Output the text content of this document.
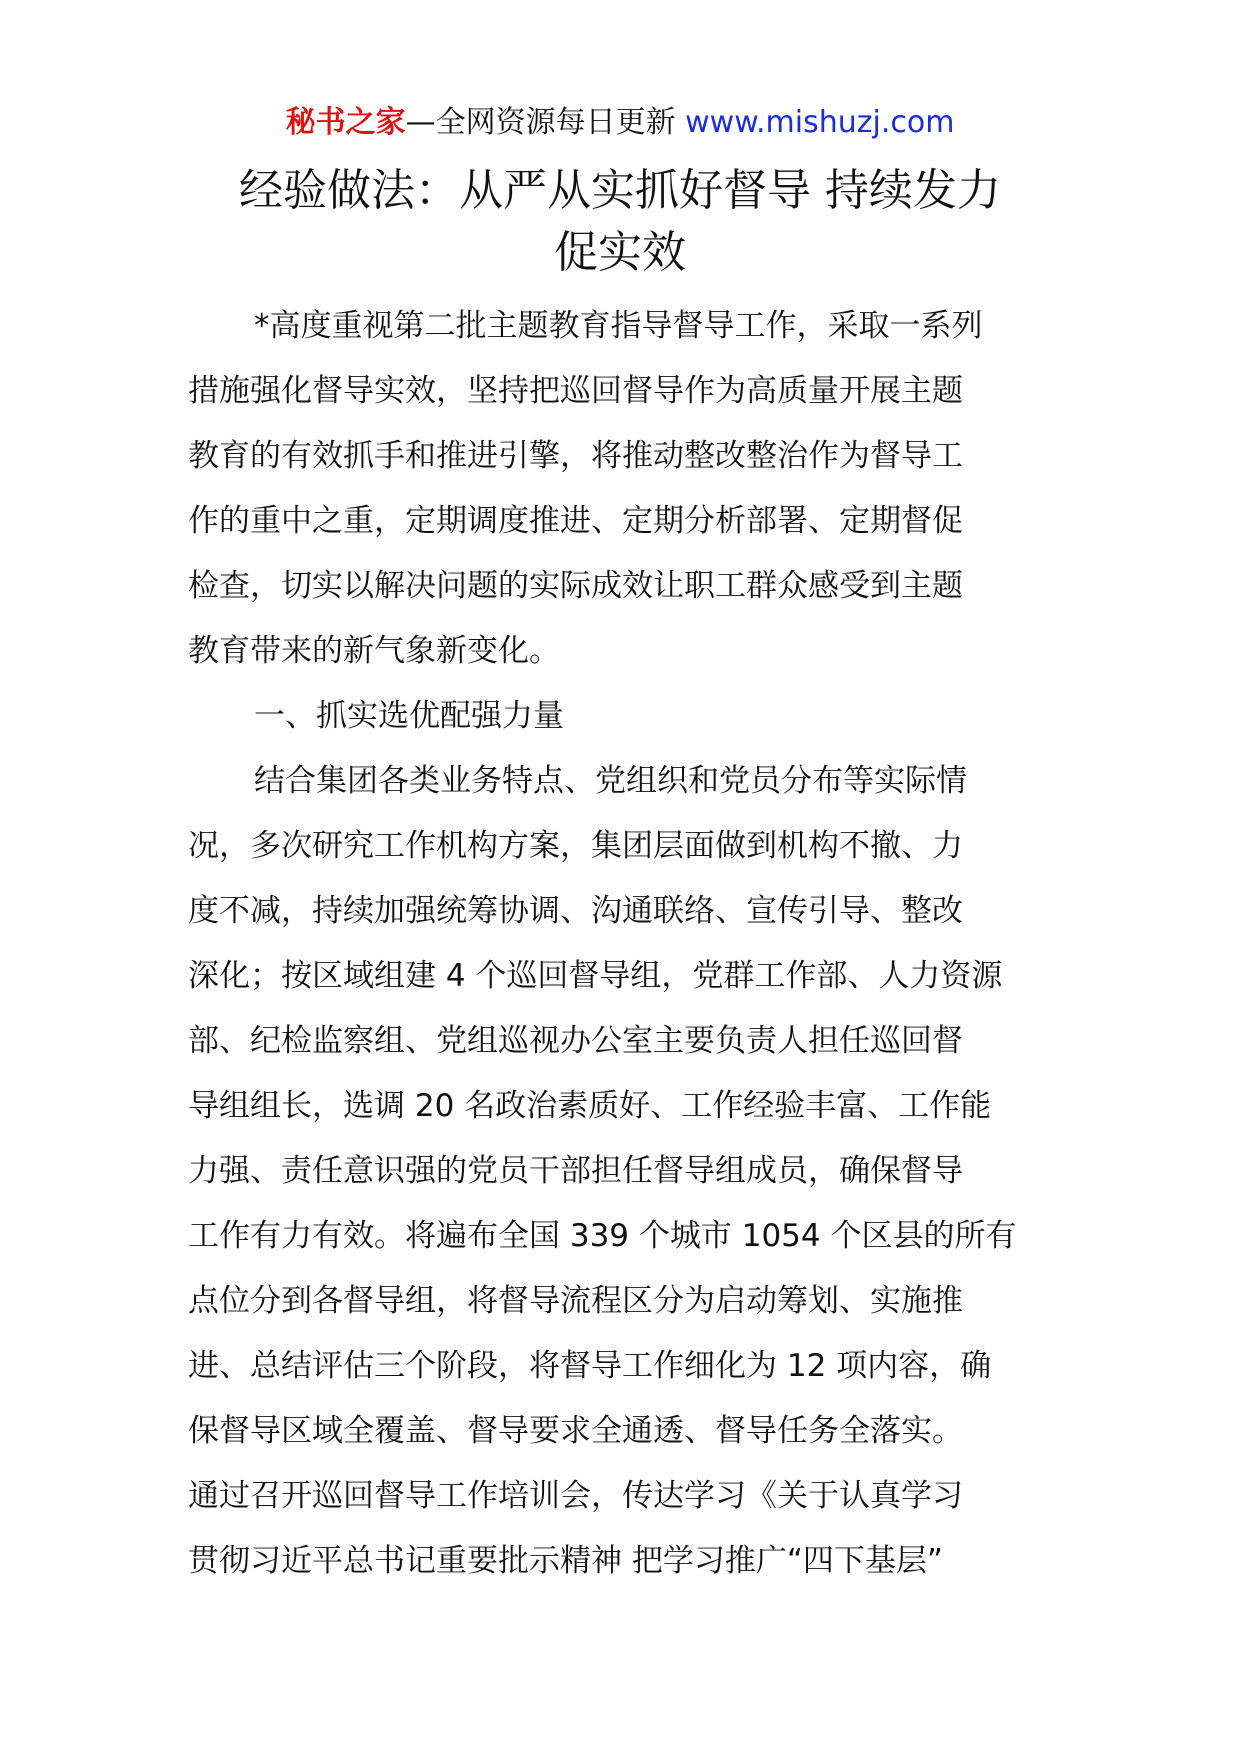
秘书之家—全网资源每日更新 www.mishuzj.com
经验做法：从严从实抓好督导 持续发力
促实效
*高度重视第二批主题教育指导督导工作，采取一系列
措施强化督导实效，坚持把巡回督导作为高质量开展主题
教育的有效抓手和推进引擎，将推动整改整治作为督导工
作的重中之重，定期调度推进、定期分析部署、定期督促
检查，切实以解决问题的实际成效让职工群众感受到主题
教育带来的新气象新变化。
一、抓实选优配强力量
结合集团各类业务特点、党组织和党员分布等实际情
况，多次研究工作机构方案，集团层面做到机构不撤、力
度不减，持续加强统筹协调、沟通联络、宣传引导、整改
深化；按区域组建 4 个巡回督导组，党群工作部、人力资源
部、纪检监察组、党组巡视办公室主要负责人担任巡回督
导组组长，选调 20 名政治素质好、工作经验丰富、工作能
力强、责任意识强的党员干部担任督导组成员，确保督导
工作有力有效。将遍布全国 339 个城市 1054 个区县的所有
点位分到各督导组，将督导流程区分为启动筹划、实施推
进、总结评估三个阶段，将督导工作细化为 12 项内容，确
保督导区域全覆盖、督导要求全通透、督导任务全落实。
通过召开巡回督导工作培训会，传达学习《关于认真学习
贯彻习近平总书记重要批示精神 把学习推广“四下基层”
